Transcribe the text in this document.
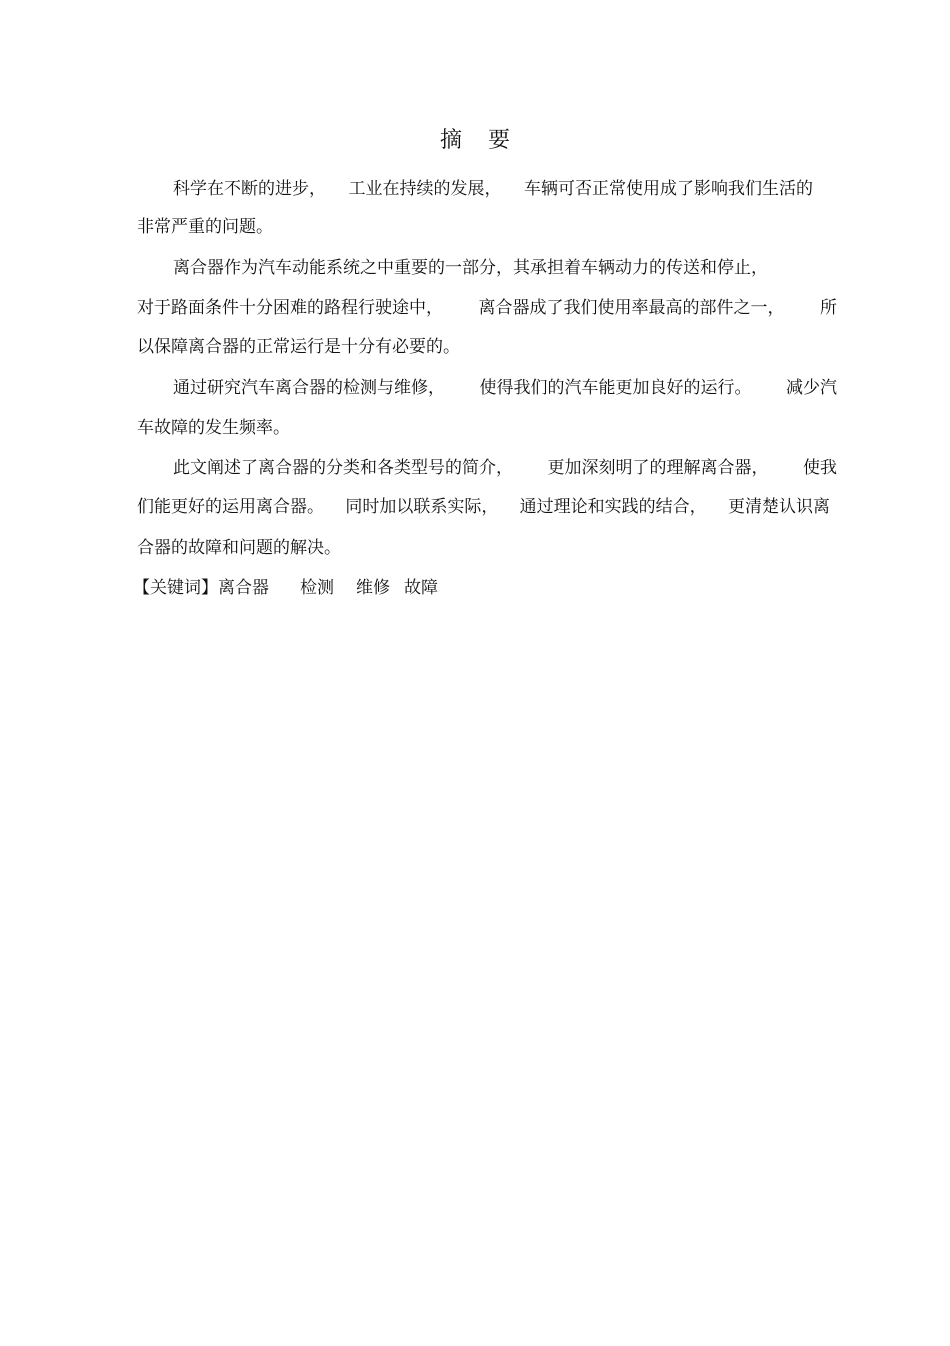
摘 要
科学在不断的进步， 工业在持续的发展， 车辆可否正常使用成了影响我们生活的
非常严重的问题。
离合器作为汽车动能系统之中重要的一部分，其承担着车辆动力的传送和停止，
对于路面条件十分困难的路程行驶途中， 离合器成了我们使用率最高的部件之一， 所
以保障离合器的正常运行是十分有必要的。
通过研究汽车离合器的检测与维修， 使得我们的汽车能更加良好的运行。 减少汽
车故障的发生频率。
此文阐述了离合器的分类和各类型号的简介， 更加深刻明了的理解离合器， 使我
们能更好的运用离合器。 同时加以联系实际， 通过理论和实践的结合， 更清楚认识离
合器的故障和问题的解决。
【关键词】离合器 检测 维修 故障
